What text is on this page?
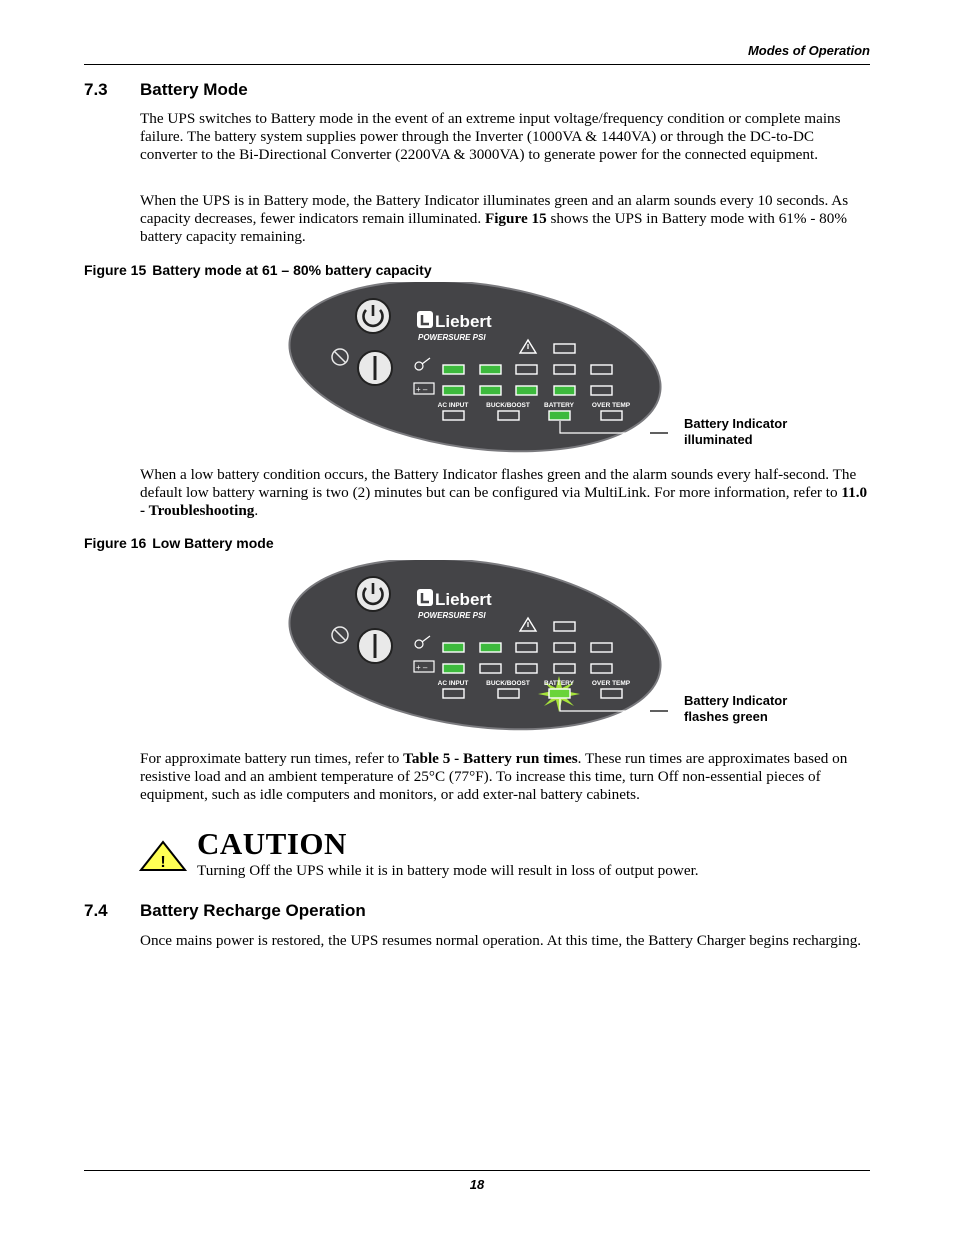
Modes of Operation
7.3 Battery Mode

The UPS switches to Battery mode in the event of an extreme input voltage/frequency condition or complete mains failure. The battery system supplies power through the Inverter (1000VA & 1440VA) or through the DC-to-DC converter to the Bi-Directional Converter (2200VA & 3000VA) to generate power for the connected equipment.

When the UPS is in Battery mode, the Battery Indicator illuminates green and an alarm sounds every 10 seconds. As capacity decreases, fewer indicators remain illuminated. Figure 15 shows the UPS in Battery mode with 61% - 80% battery capacity remaining.

Figure 15 Battery mode at 61 – 80% battery capacity
Liebert
POWERSURE PSI
+ –
AC INPUT	BUCK/BOOST BATTERY	OVER TEMP
Battery Indicator
illuminated

When a low battery condition occurs, the Battery Indicator flashes green and the alarm sounds every half-second. The default low battery warning is two (2) minutes but can be configured via MultiLink. For more information, refer to 11.0 - Troubleshooting.

Figure 16 Low Battery mode
Liebert
POWERSURE PSI
+ –
AC INPUT	BUCK/BOOST BATTERY	OVER TEMP
Battery Indicator
flashes green

For approximate battery run times, refer to Table 5 - Battery run times. These run times are approximates based on resistive load and an ambient temperature of 25°C (77°F). To increase this time, turn Off non-essential pieces of equipment, such as idle computers and monitors, or add exter-nal battery cabinets.

!
CAUTION

Turning Off the UPS while it is in battery mode will result in loss of output power.

7.4 Battery Recharge Operation

Once mains power is restored, the UPS resumes normal operation. At this time, the Battery Charger begins recharging.

18
